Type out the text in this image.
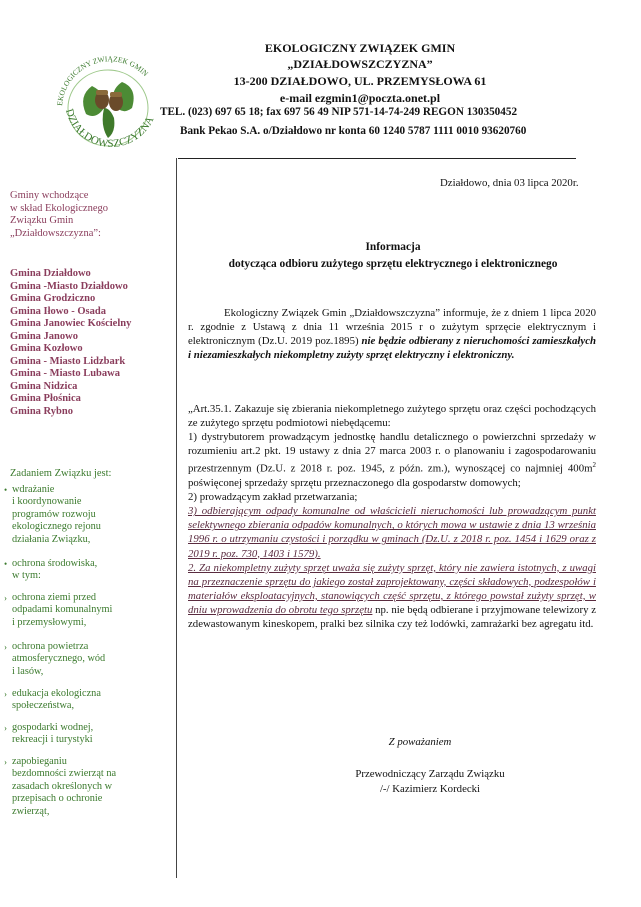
EKOLOGICZNY ZWIĄZEK GMIN
DZIAŁDOWSZCZYZNA
EKOLOGICZNY ZWIĄZEK GMIN
„DZIAŁDOWSZCZYZNA”
13-200 DZIAŁDOWO, UL. PRZEMYSŁOWA 61
e-mail ezgmin1@poczta.onet.pl
TEL. (023) 697 65 18; fax 697 56 49 NIP 571-14-74-249 REGON 130350452
Bank Pekao S.A. o/Działdowo nr konta 60 1240 5787 1111 0010 93620760
Gminy wchodzące
w skład Ekologicznego
Związku Gmin
„Działdowszczyzna”:
Gmina Działdowo
Gmina -Miasto Działdowo
Gmina Grodziczno
Gmina Iłowo - Osada
Gmina Janowiec Kościelny
Gmina Janowo
Gmina Kozłowo
Gmina - Miasto Lidzbark
Gmina - Miasto Lubawa
Gmina Nidzica
Gmina Płośnica
Gmina Rybno
Zadaniem Związku jest:
• wdrażanie
i koordynowanie
programów rozwoju
ekologicznego rejonu
działania Związku,
• ochrona środowiska,
w tym:
› ochrona ziemi przed
odpadami komunalnymi
i przemysłowymi,
› ochrona powietrza
atmosferycznego, wód
i lasów,
› edukacja ekologiczna
społeczeństwa,
› gospodarki wodnej,
rekreacji i turystyki
› zapobieganiu
bezdomności zwierząt na
zasadach określonych w
przepisach o ochronie
zwierząt,
Działdowo, dnia 03 lipca 2020r.
Informacja
dotycząca odbioru zużytego sprzętu elektrycznego i elektronicznego
Ekologiczny Związek Gmin „Działdowszczyzna” informuje, że z dniem 1 lipca 2020 r. zgodnie z Ustawą z dnia 11 września 2015 r o zużytym sprzęcie elektrycznym i elektronicznym (Dz.U. 2019 poz.1895) nie będzie odbierany z nieruchomości zamieszkałych i niezamieszkałych niekompletny zużyty sprzęt elektryczny i elektroniczny.
„Art.35.1. Zakazuje się zbierania niekompletnego zużytego sprzętu oraz części pochodzących ze zużytego sprzętu podmiotowi niebędącemu:
1) dystrybutorem prowadzącym jednostkę handlu detalicznego o powierzchni sprzedaży w rozumieniu art.2 pkt. 19 ustawy z dnia 27 marca 2003 r. o planowaniu i zagospodarowaniu przestrzennym (Dz.U. z 2018 r. poz. 1945, z późn. zm.), wynoszącej co najmniej $400m^2$ poświęconej sprzedaży sprzętu przeznaczonego dla gospodarstw domowych;
2) prowadzącym zakład przetwarzania;
3) odbierającym odpady komunalne od właścicieli nieruchomości lub prowadzącym punkt selektywnego zbierania odpadów komunalnych, o których mowa w ustawie z dnia 13 września 1996 r. o utrzymaniu czystości i porządku w gminach (Dz.U. z 2018 r. poz. 1454 i 1629 oraz z 2019 r. poz. 730, 1403 i 1579).
2. Za niekompletny zużyty sprzęt uważa się zużyty sprzęt, który nie zawiera istotnych, z uwagi na przeznaczenie sprzętu do jakiego został zaprojektowany, części składowych, podzespołów i materiałów eksploatacyjnych, stanowiących część sprzętu, z którego powstał zużyty sprzęt, w dniu wprowadzenia do obrotu tego sprzętu np. nie będą odbierane i przyjmowane telewizory z zdewastowanym kineskopem, pralki bez silnika czy też lodówki, zamrażarki bez agregatu itd.
Z poważaniem
Przewodniczący Zarządu Związku
/-/ Kazimierz Kordecki
